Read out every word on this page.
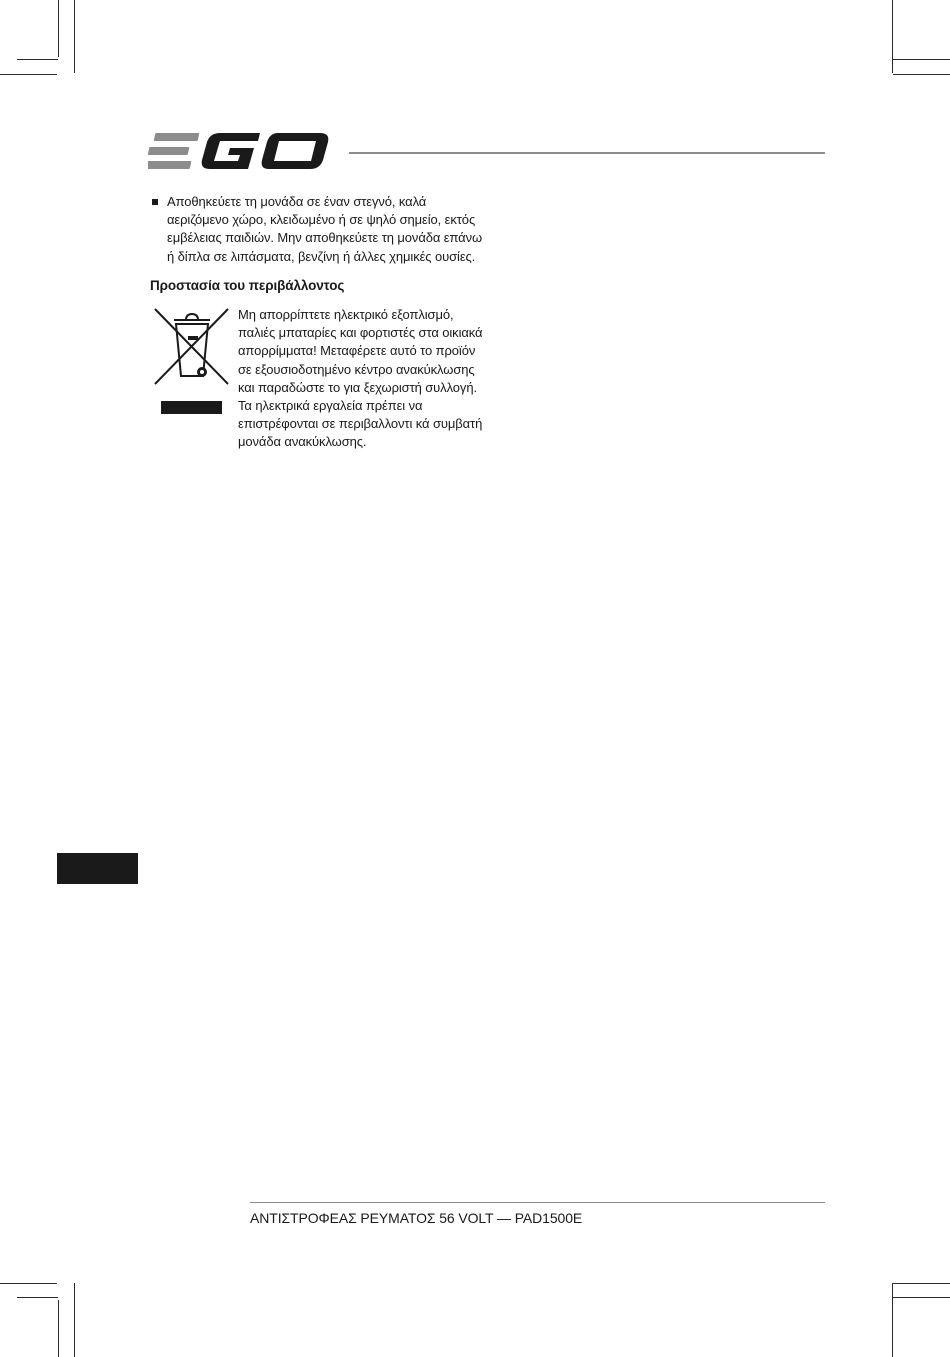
Αποθηκεύετε τη μονάδα σε έναν στεγνό, καλά αεριζόμενο χώρο, κλειδωμένο ή σε ψηλό σημείο, εκτός εμβέλειας παιδιών. Μην αποθηκεύετε τη μονάδα επάνω ή δίπλα σε λιπάσματα, βενζίνη ή άλλες χημικές ουσίες.
Προστασία του περιβάλλοντος
Μη απορρίπτετε ηλεκτρικό εξοπλισμό, παλιές μπαταρίες και φορτιστές στα οικιακά απορρίμματα! Μεταφέρετε αυτό το προϊόν σε εξουσιοδοτημένο κέντρο ανακύκλωσης και παραδώστε το για ξεχωριστή συλλογή. Τα ηλεκτρικά εργαλεία πρέπει να επιστρέφονται σε περιβαλλοντι κά συμβατή μονάδα ανακύκλωσης.
ΑΝΤΙΣΤΡΟΦΕΑΣ ΡΕΥΜΑΤΟΣ 56 VOLT — PAD1500E
